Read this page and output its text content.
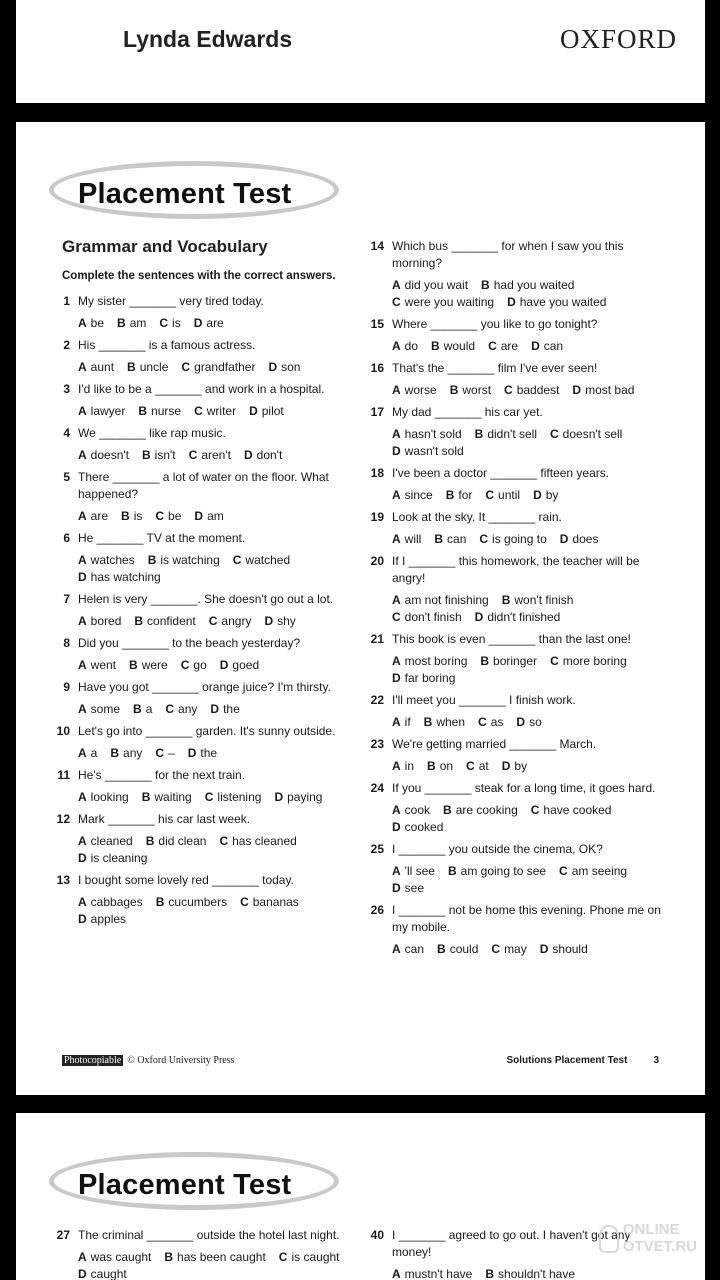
Lynda Edwards	OXFORD
Placement Test
Grammar and Vocabulary
Complete the sentences with the correct answers.
1 My sister _______ very tired today.
A be B am C is D are
2 His _______ is a famous actress.
A aunt B uncle C grandfather D son
3 I'd like to be a _______ and work in a hospital.
A lawyer B nurse C writer D pilot
4 We _______ like rap music.
A doesn't B isn't C aren't D don't
5 There _______ a lot of water on the floor. What happened?
A are B is C be D am
6 He _______ TV at the moment.
A watches B is watching C watched
D has watching
7 Helen is very _______. She doesn't go out a lot.
A bored B confident C angry D shy
8 Did you _______ to the beach yesterday?
A went B were C go D goed
9 Have you got _______ orange juice? I'm thirsty.
A some B a C any D the
10 Let's go into _______ garden. It's sunny outside.
A a B any C – D the
11 He's _______ for the next train.
A looking B waiting C listening D paying
12 Mark _______ his car last week.
A cleaned B did clean C has cleaned
D is cleaning
13 I bought some lovely red _______ today.
A cabbages B cucumbers C bananas
D apples
14 Which bus _______ for when I saw you this morning?
A did you wait B had you waited
C were you waiting D have you waited
15 Where _______ you like to go tonight?
A do B would C are D can
16 That's the _______ film I've ever seen!
A worse B worst C baddest D most bad
17 My dad _______ his car yet.
A hasn't sold B didn't sell C doesn't sell
D wasn't sold
18 I've been a doctor _______ fifteen years.
A since B for C until D by
19 Look at the sky. It _______ rain.
A will B can C is going to D does
20 If I _______ this homework, the teacher will be angry!
A am not finishing B won't finish
C don't finish D didn't finished
21 This book is even _______ than the last one!
A most boring B boringer C more boring
D far boring
22 I'll meet you _______ I finish work.
A if B when C as D so
23 We're getting married _______ March.
A in B on C at D by
24 If you _______ steak for a long time, it goes hard.
A cook B are cooking C have cooked
D cooked
25 I _______ you outside the cinema, OK?
A 'll see B am going to see C am seeing
D see
26 I _______ not be home this evening. Phone me on my mobile.
A can B could C may D should
Photocopiable © Oxford University Press	Solutions Placement Test	3
Placement Test
27 The criminal _______ outside the hotel last night.
A was caught B has been caught C is caught
D caught
40 I _______ agreed to go out. I haven't got any money!
A mustn't have B shouldn't have
ONLINE
OTVET.RU
